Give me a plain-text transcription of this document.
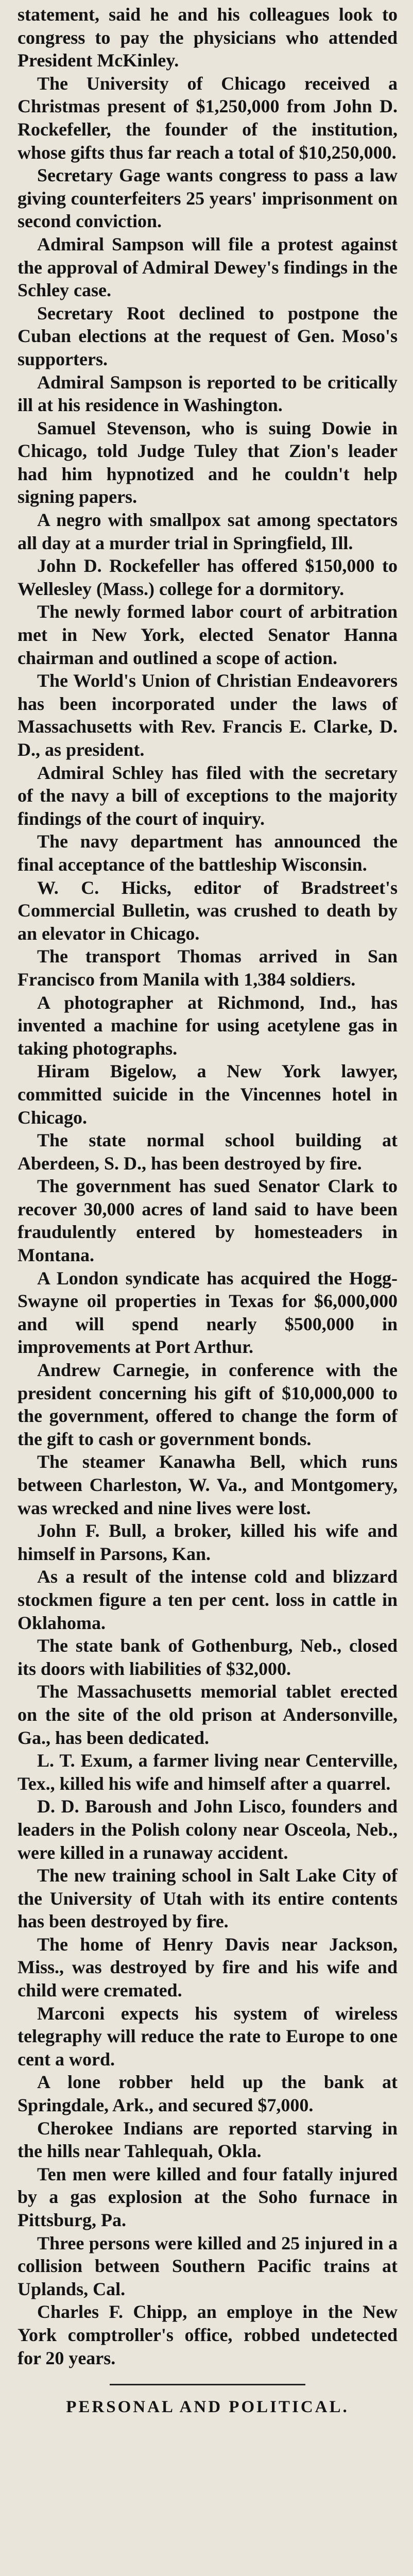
statement, said he and his colleagues look to congress to pay the physicians who attended President McKinley.
The University of Chicago received a Christmas present of $1,250,000 from John D. Rockefeller, the founder of the institution, whose gifts thus far reach a total of $10,250,000.
Secretary Gage wants congress to pass a law giving counterfeiters 25 years' imprisonment on second conviction.
Admiral Sampson will file a protest against the approval of Admiral Dewey's findings in the Schley case.
Secretary Root declined to postpone the Cuban elections at the request of Gen. Moso's supporters.
Admiral Sampson is reported to be critically ill at his residence in Washington.
Samuel Stevenson, who is suing Dowie in Chicago, told Judge Tuley that Zion's leader had him hypnotized and he couldn't help signing papers.
A negro with smallpox sat among spectators all day at a murder trial in Springfield, Ill.
John D. Rockefeller has offered $150,000 to Wellesley (Mass.) college for a dormitory.
The newly formed labor court of arbitration met in New York, elected Senator Hanna chairman and outlined a scope of action.
The World's Union of Christian Endeavorers has been incorporated under the laws of Massachusetts with Rev. Francis E. Clarke, D. D., as president.
Admiral Schley has filed with the secretary of the navy a bill of exceptions to the majority findings of the court of inquiry.
The navy department has announced the final acceptance of the battleship Wisconsin.
W. C. Hicks, editor of Bradstreet's Commercial Bulletin, was crushed to death by an elevator in Chicago.
The transport Thomas arrived in San Francisco from Manila with 1,384 soldiers.
A photographer at Richmond, Ind., has invented a machine for using acetylene gas in taking photographs.
Hiram Bigelow, a New York lawyer, committed suicide in the Vincennes hotel in Chicago.
The state normal school building at Aberdeen, S. D., has been destroyed by fire.
The government has sued Senator Clark to recover 30,000 acres of land said to have been fraudulently entered by homesteaders in Montana.
A London syndicate has acquired the Hogg-Swayne oil properties in Texas for $6,000,000 and will spend nearly $500,000 in improvements at Port Arthur.
Andrew Carnegie, in conference with the president concerning his gift of $10,000,000 to the government, offered to change the form of the gift to cash or government bonds.
The steamer Kanawha Bell, which runs between Charleston, W. Va., and Montgomery, was wrecked and nine lives were lost.
John F. Bull, a broker, killed his wife and himself in Parsons, Kan.
As a result of the intense cold and blizzard stockmen figure a ten per cent. loss in cattle in Oklahoma.
The state bank of Gothenburg, Neb., closed its doors with liabilities of $32,000.
The Massachusetts memorial tablet erected on the site of the old prison at Andersonville, Ga., has been dedicated.
L. T. Exum, a farmer living near Centerville, Tex., killed his wife and himself after a quarrel.
D. D. Baroush and John Lisco, founders and leaders in the Polish colony near Osceola, Neb., were killed in a runaway accident.
The new training school in Salt Lake City of the University of Utah with its entire contents has been destroyed by fire.
The home of Henry Davis near Jackson, Miss., was destroyed by fire and his wife and child were cremated.
Marconi expects his system of wireless telegraphy will reduce the rate to Europe to one cent a word.
A lone robber held up the bank at Springdale, Ark., and secured $7,000.
Cherokee Indians are reported starving in the hills near Tahlequah, Okla.
Ten men were killed and four fatally injured by a gas explosion at the Soho furnace in Pittsburg, Pa.
Three persons were killed and 25 injured in a collision between Southern Pacific trains at Uplands, Cal.
Charles F. Chipp, an employe in the New York comptroller's office, robbed undetected for 20 years.
PERSONAL AND POLITICAL.
